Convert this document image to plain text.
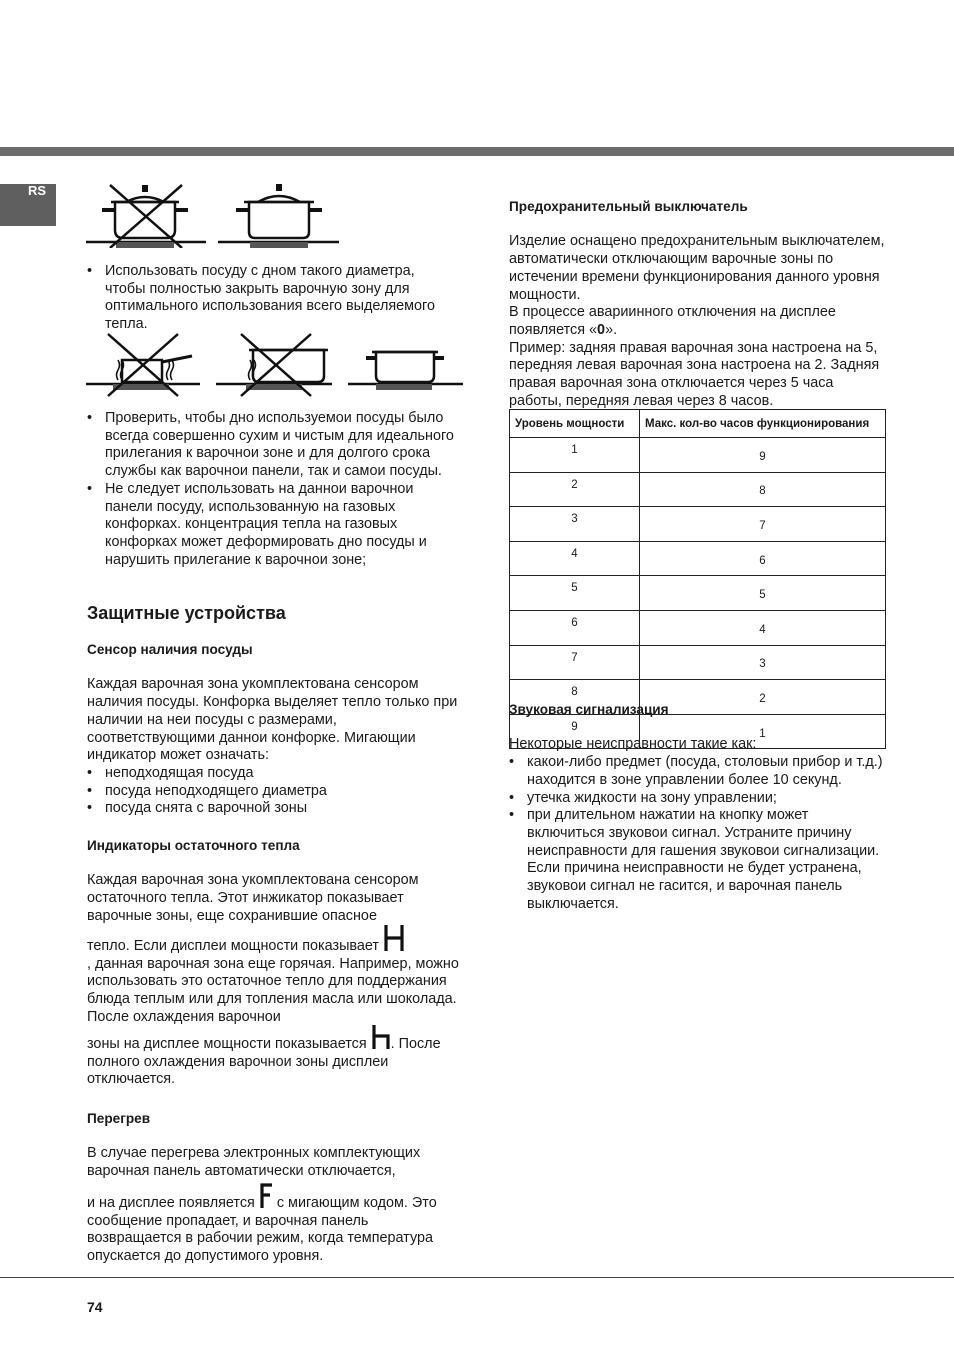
RS
• Использовать посуду с дном такого диаметра, чтобы полностью закрыть варочную зону для оптимального использования всего выделяемого тепла.
• Проверить, чтобы дно используемои посуды было всегда совершенно сухим и чистым для идеального прилегания к варочнои зоне и для долгого срока службы как варочнои панели, так и самои посуды.
• Не следует использовать на даннои варочнои панели посуду, использованную на газовых конфорках. концентрация тепла на газовых конфорках может деформировать дно посуды и нарушить прилегание к варочнои зоне;
Защитные устройства

Сенсор наличия посуды

Каждая варочная зона укомплектована сенсором наличия посуды. Конфорка выделяет тепло только при наличии на неи посуды с размерами, соответствующими даннои конфорке. Мигающии индикатор может означать:

• неподходящая посуда
• посуда неподходящего диаметра
• посуда снята с варочной зоны

Индикаторы остаточного тепла

Каждая варочная зона укомплектована сенсором остаточного тепла. Этот инжикатор показывает варочные зоны, еще сохранившие опасное

тепло. Если дисплеи мощности показывает
, данная варочная зона еще горячая. Например, можно использовать это остаточное тепло для поддержания блюда теплым или для топления масла или шоколада. После охлаждения варочнои

зоны на дисплее мощности показывается . После полного охлаждения варочнои зоны дисплеи отключается.

Перегрев

В случае перегрева электронных комплектующих варочная панель автоматически отключается,

и на дисплее появляется с мигающим кодом. Это сообщение пропадает, и варочная панель возвращается в рабочии режим, когда температура опускается до допустимого уровня.

Предохранительный выключатель

Изделие оснащено предохранительным выключателем, автоматически отключающим варочные зоны по истечении времени функционирования данного уровня мощности.

В процессе авариинного отключения на дисплее появляется «0».

Пример: задняя правая варочная зона настроена на 5, передняя левая варочная зона настроена на 2. Задняя правая варочная зона отключается через 5 часа работы, передняя левая через 8 часов.

Уровень мощности	Макс. кол-во часов функционирования
1	9
2	8
3	7
4	6
5	5
6	4
7	3
8	2
9	1

Звуковая сигнализация

Некоторые неисправности такие как:

• какои-либо предмет (посуда, столовыи прибор и т.д.) находится в зоне управлении более 10 секунд.
• утечка жидкости на зону управлении;
• при длительном нажатии на кнопку может включиться звуковои сигнал. Устраните причину неисправности для гашения звуковои сигнализации. Если причина неисправности не будет устранена, звуковои сигнал не гасится, и варочная панель выключается.
74
